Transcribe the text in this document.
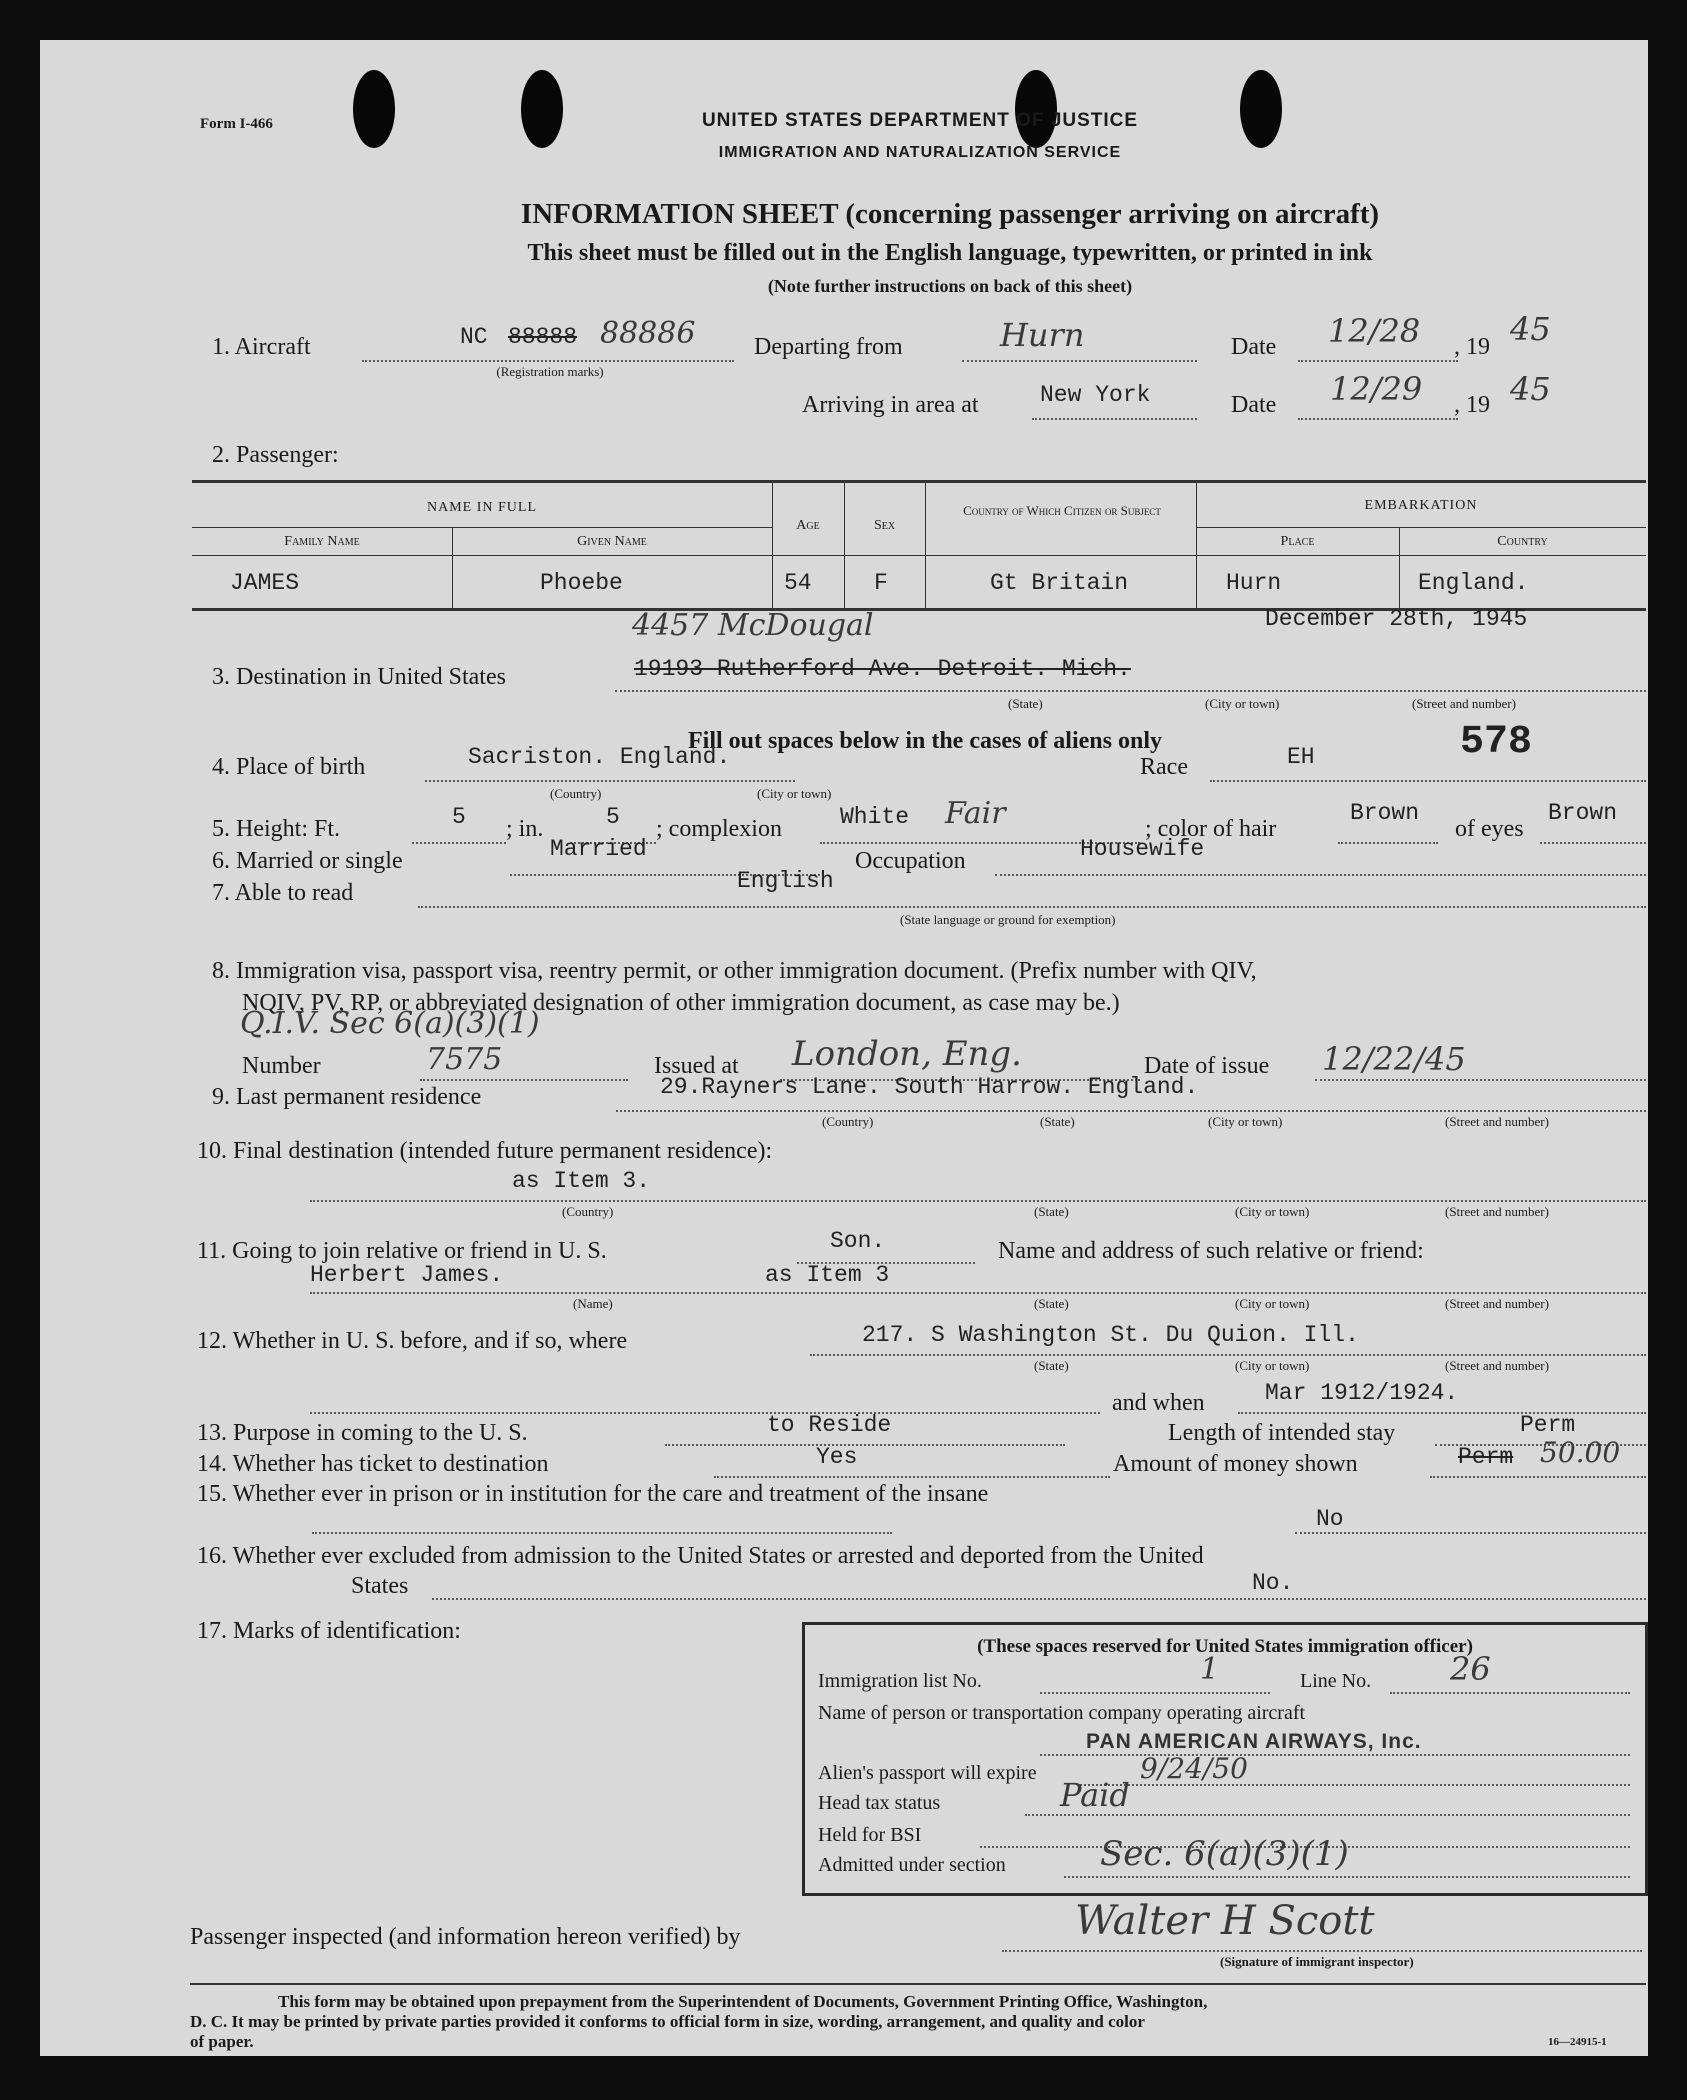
Form I-466	UNITED STATES DEPARTMENT OF JUSTICE
IMMIGRATION AND NATURALIZATION SERVICE
INFORMATION SHEET (concerning passenger arriving on aircraft)
This sheet must be filled out in the English language, typewritten, or printed in ink
(Note further instructions on back of this sheet)
1. Aircraft	NC 88888 88886
(Registration marks)
Departing from	Hurn	Date 12/28 , 19 45
Arriving in area at	New York	Date 12/29 , 19 45
2. Passenger:
NAME IN FULL
Family Name	Given Name
Age	Sex
Country of Which Citizen or Subject	EMBARKATION
Place	Country
JAMES	Phoebe	54	F	Gt Britain	Hurn	England.
4457 McDougal	December 28th, 1945
3. Destination in United States	19193 Rutherford Ave. Detroit. Mich.
(State)	(City or town)	(Street and number)
Fill out spaces below in the cases of aliens only	578
4. Place of birth	Sacriston. England.
(Country)	(City or town)
Race	EH
5. Height: Ft.	5 ; in.	5 ; complexion	White Fair	; color of hair
Brown
of eyes
Brown
6. Married or single	Married	Occupation	Housewife
7. Able to read	English
(State language or ground for exemption)
8. Immigration visa, passport visa, reentry permit, or other immigration document. (Prefix number with QIV,
NQIV, PV, RP, or abbreviated designation of other immigration document, as case may be.)
Q.I.V. Sec 6(a)(3)(1)
Number	7575	Issued at London, Eng.	Date of issue 12/22/45
9. Last permanent residence	29.Rayners Lane. South Harrow. England.
(Country)	(State)	(City or town)	(Street and number)
10. Final destination (intended future permanent residence):
as Item 3.
(Country)	(State)	(City or town)	(Street and number)
11. Going to join relative or friend in U. S.	Son.	Name and address of such relative or friend:
Herbert James.	as Item 3
(Name)	(State)	(City or town)	(Street and number)
12. Whether in U. S. before, and if so, where	217. S Washington St. Du Quion. Ill.
(State)	(City or town)	(Street and number)
and when	Mar 1912/1924.
13. Purpose in coming to the U. S.	to Reside	Length of intended stay	Perm
14. Whether has ticket to destination	Yes	Amount of money shown	Perm 50.00
15. Whether ever in prison or in institution for the care and treatment of the insane
No
16. Whether ever excluded from admission to the United States or arrested and deported from the United
States	No.
17. Marks of identification:
(These spaces reserved for United States immigration officer)
Immigration list No.	1	Line No. 26
Name of person or transportation company operating aircraft
PAN AMERICAN AIRWAYS, Inc.
Alien's passport will expire	9/24/50
Head tax status	Paid
Held for BSI
Admitted under section	Sec. 6(a)(3)(1)
Passenger inspected (and information hereon verified) by	Walter H Scott
(Signature of immigrant inspector)
This form may be obtained upon prepayment from the Superintendent of Documents, Government Printing Office, Washington,
D. C. It may be printed by private parties provided it conforms to official form in size, wording, arrangement, and quality and color
of paper.	16—24915-1
